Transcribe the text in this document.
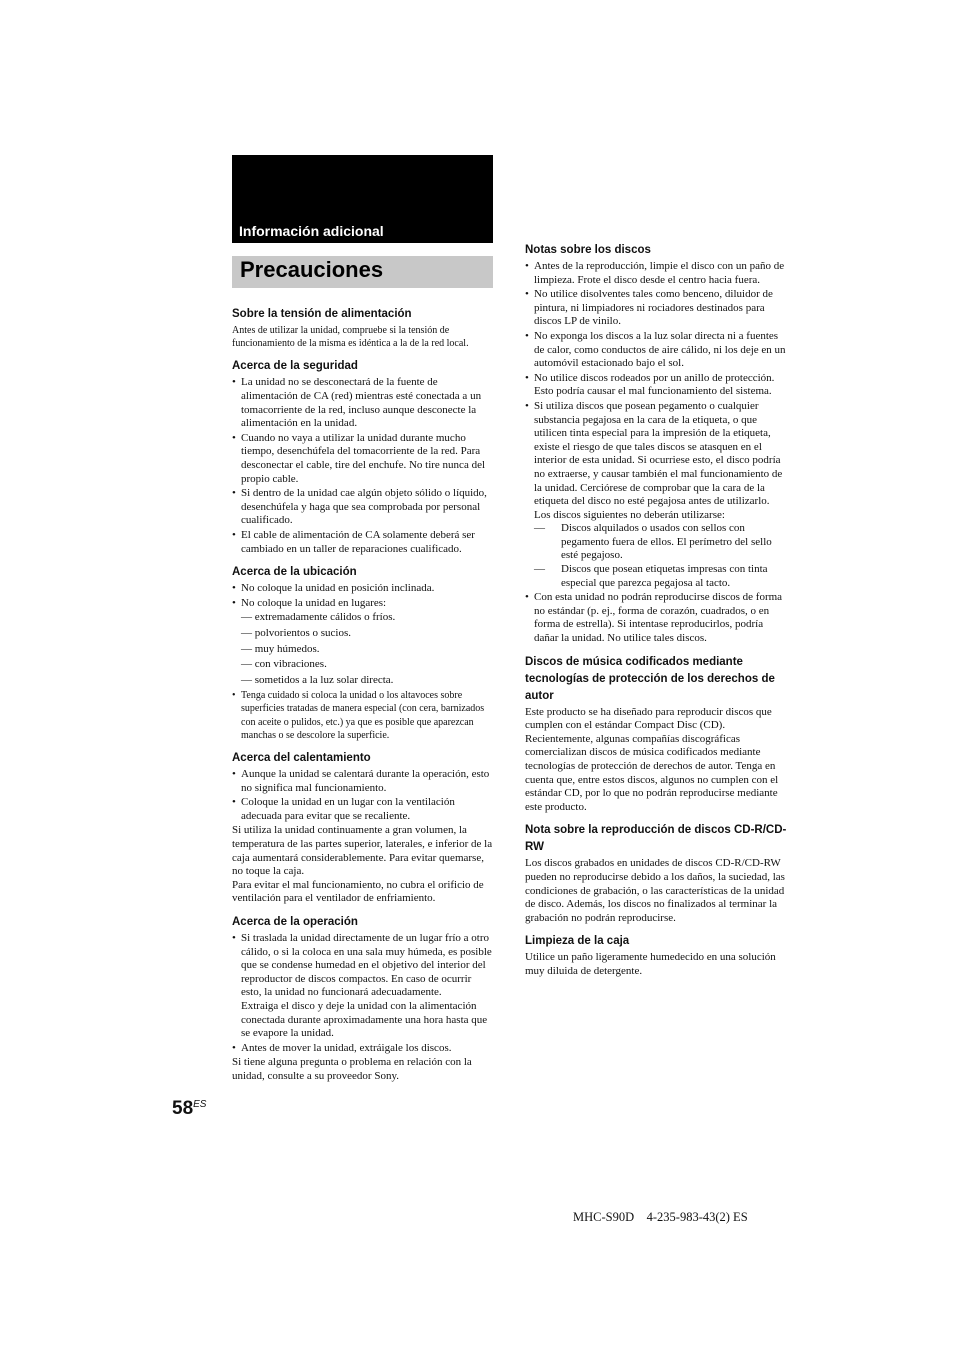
Información adicional
Precauciones
Sobre la tensión de alimentación

Antes de utilizar la unidad, compruebe si la tensión de funcionamiento de la misma es idéntica a la de la red local.

Acerca de la seguridad
• La unidad no se desconectará de la fuente de alimentación de CA (red) mientras esté conectada a un tomacorriente de la red, incluso aunque desconecte la alimentación en la unidad.
• Cuando no vaya a utilizar la unidad durante mucho tiempo, desenchúfela del tomacorriente de la red. Para desconectar el cable, tire del enchufe. No tire nunca del propio cable.
• Si dentro de la unidad cae algún objeto sólido o líquido, desenchúfela y haga que sea comprobada por personal cualificado.
• El cable de alimentación de CA solamente deberá ser cambiado en un taller de reparaciones cualificado.
Acerca de la ubicación
• No coloque la unidad en posición inclinada.
• No coloque la unidad en lugares:
— extremadamente cálidos o fríos.
— polvorientos o sucios.
— muy húmedos.
— con vibraciones.
— sometidos a la luz solar directa.
• Tenga cuidado si coloca la unidad o los altavoces sobre superficies tratadas de manera especial (con cera, barnizados con aceite o pulidos, etc.) ya que es posible que aparezcan manchas o se descolore la superficie.
Acerca del calentamiento
• Aunque la unidad se calentará durante la operación, esto no significa mal funcionamiento.
• Coloque la unidad en un lugar con la ventilación adecuada para evitar que se recaliente.

Si utiliza la unidad continuamente a gran volumen, la temperatura de las partes superior, laterales, e inferior de la caja aumentará considerablemente. Para evitar quemarse, no toque la caja.

Para evitar el mal funcionamiento, no cubra el orificio de ventilación para el ventilador de enfriamiento.

Acerca de la operación
• Si traslada la unidad directamente de un lugar frío a otro cálido, o si la coloca en una sala muy húmeda, es posible que se condense humedad en el objetivo del interior del reproductor de discos compactos. En caso de ocurrir esto, la unidad no funcionará adecuadamente.
Extraiga el disco y deje la unidad con la alimentación conectada durante aproximadamente una hora hasta que se evapore la unidad.
• Antes de mover la unidad, extráigale los discos.

Si tiene alguna pregunta o problema en relación con la unidad, consulte a su proveedor Sony.

Notas sobre los discos
• Antes de la reproducción, limpie el disco con un paño de limpieza. Frote el disco desde el centro hacia fuera.
• No utilice disolventes tales como benceno, diluidor de pintura, ni limpiadores ni rociadores destinados para discos LP de vinilo.
• No exponga los discos a la luz solar directa ni a fuentes de calor, como conductos de aire cálido, ni los deje en un automóvil estacionado bajo el sol.
• No utilice discos rodeados por un anillo de protección. Esto podría causar el mal funcionamiento del sistema.
• Si utiliza discos que posean pegamento o cualquier substancia pegajosa en la cara de la etiqueta, o que utilicen tinta especial para la impresión de la etiqueta, existe el riesgo de que tales discos se atasquen en el interior de esta unidad. Si ocurriese esto, el disco podría no extraerse, y causar también el mal funcionamiento de la unidad. Cerciórese de comprobar que la cara de la etiqueta del disco no esté pegajosa antes de utilizarlo.
Los discos siguientes no deberán utilizarse:
— Discos alquilados o usados con sellos con pegamento fuera de ellos. El perímetro del sello esté pegajoso.
— Discos que posean etiquetas impresas con tinta especial que parezca pegajosa al tacto.
• Con esta unidad no podrán reproducirse discos de forma no estándar (p. ej., forma de corazón, cuadrados, o en forma de estrella). Si intentase reproducirlos, podría dañar la unidad. No utilice tales discos.
Discos de música codificados mediante tecnologías de protección de los derechos de autor

Este producto se ha diseñado para reproducir discos que cumplen con el estándar Compact Disc (CD). Recientemente, algunas compañías discográficas comercializan discos de música codificados mediante tecnologías de protección de derechos de autor. Tenga en cuenta que, entre estos discos, algunos no cumplen con el estándar CD, por lo que no podrán reproducirse mediante este producto.

Nota sobre la reproducción de discos CD-R/CD-RW

Los discos grabados en unidades de discos CD-R/CD-RW pueden no reproducirse debido a los daños, la suciedad, las condiciones de grabación, o las características de la unidad de disco. Además, los discos no finalizados al terminar la grabación no podrán reproducirse.

Limpieza de la caja

Utilice un paño ligeramente humedecido en una solución muy diluida de detergente.

$58^{ES}$
MHC-S90D    4-235-983-43(2) ES
